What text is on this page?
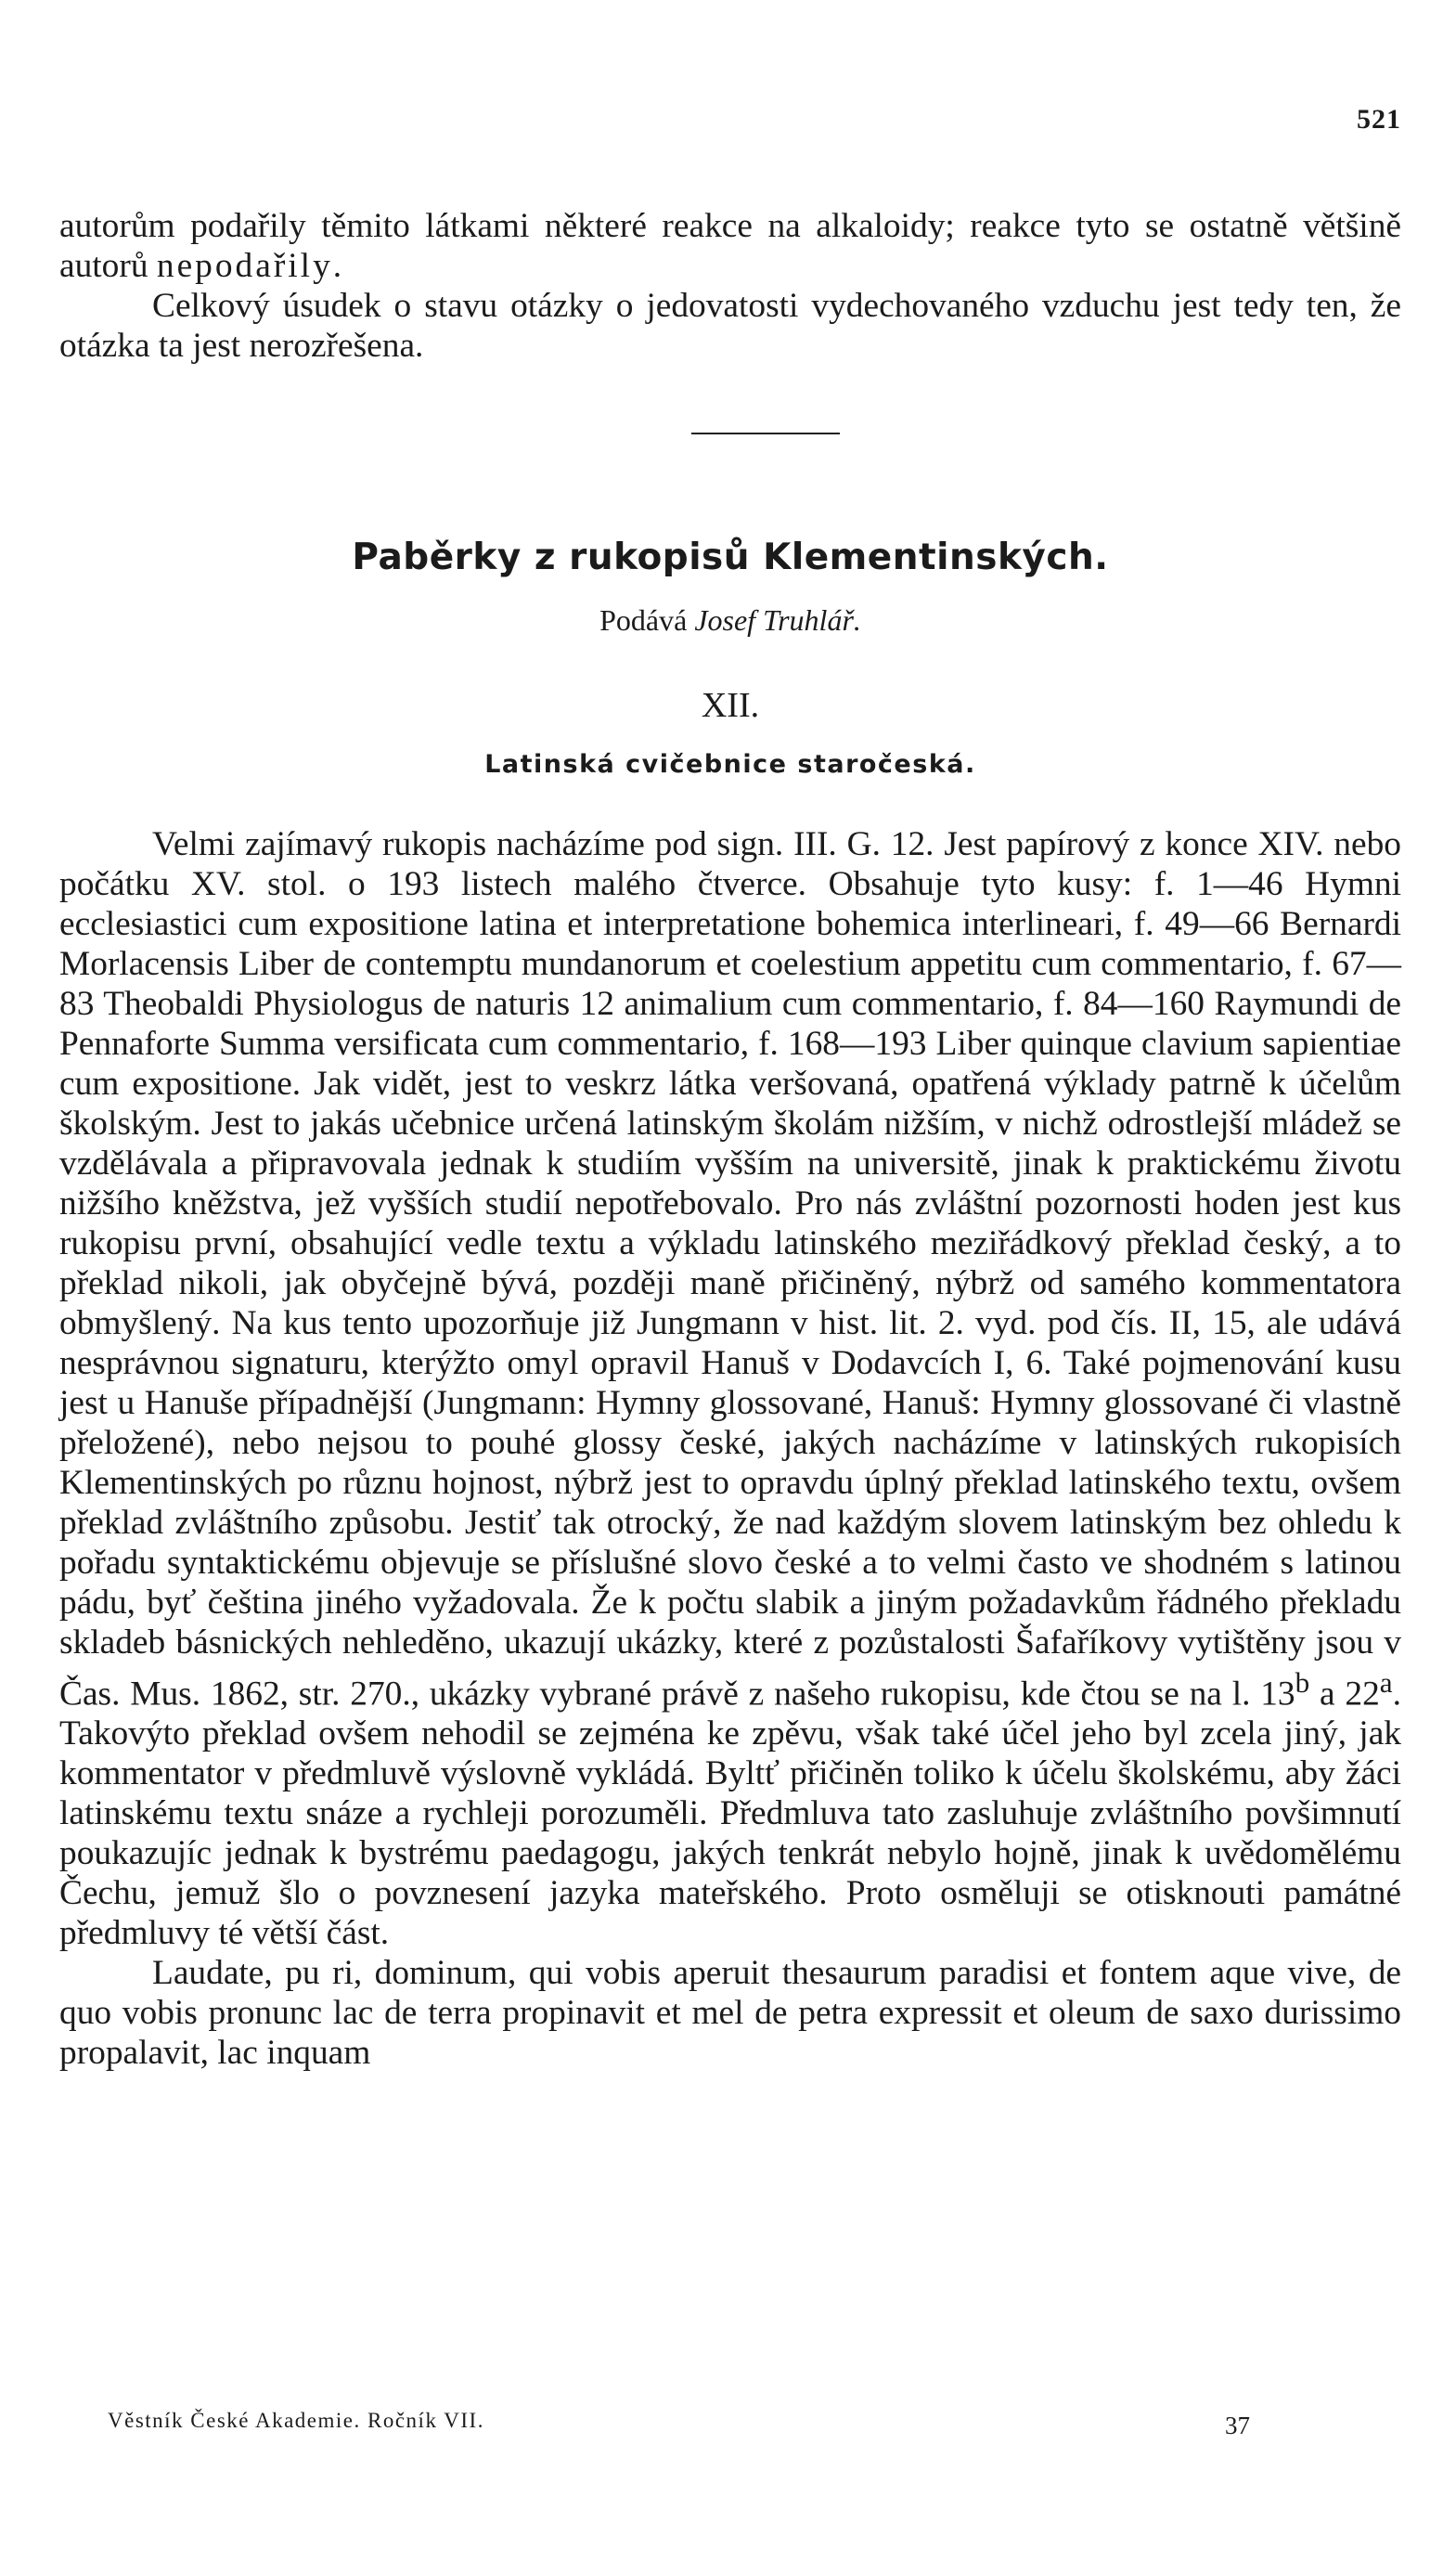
521

autorům podařily těmito látkami některé reakce na alkaloidy; reakce tyto se ostatně většině autorů nepodařily.

Celkový úsudek o stavu otázky o jedovatosti vydechovaného vzduchu jest tedy ten, že otázka ta jest nerozřešena.

Paběrky z rukopisů Klementinských.
Podává Josef Truhlář.
XII.
Latinská cvičebnice staročeská.

Velmi zajímavý rukopis nacházíme pod sign. III. G. 12. Jest papírový z konce XIV. nebo počátku XV. stol. o 193 listech malého čtverce. Obsahuje tyto kusy: f. 1—46 Hymni ecclesiastici cum expositione latina et interpretatione bohemica interlineari, f. 49—66 Bernardi Morlacensis Liber de contemptu mundanorum et coelestium appetitu cum commentario, f. 67—83 Theobaldi Physiologus de naturis 12 animalium cum commentario, f. 84—160 Raymundi de Pennaforte Summa versificata cum commentario, f. 168—193 Liber quinque clavium sapientiae cum expositione. Jak vidět, jest to veskrz látka veršovaná, opatřená výklady patrně k účelům školským. Jest to jakás učebnice určená latinským školám nižším, v nichž odrostlejší mládež se vzdělávala a připravovala jednak k studiím vyšším na universitě, jinak k praktickému životu nižšího kněžstva, jež vyšších studií nepotřebovalo. Pro nás zvláštní pozornosti hoden jest kus rukopisu první, obsahující vedle textu a výkladu latinského meziřádkový překlad český, a to překlad nikoli, jak obyčejně bývá, později maně přičiněný, nýbrž od samého kommentatora obmyšlený. Na kus tento upozorňuje již Jungmann v hist. lit. 2. vyd. pod čís. II, 15, ale udává nesprávnou signaturu, kterýžto omyl opravil Hanuš v Dodavcích I, 6. Také pojmenování kusu jest u Hanuše případnější (Jungmann: Hymny glossované, Hanuš: Hymny glossované či vlastně přeložené), nebo nejsou to pouhé glossy české, jakých nacházíme v latinských rukopisích Klementinských po různu hojnost, nýbrž jest to opravdu úplný překlad latinského textu, ovšem překlad zvláštního způsobu. Jestiť tak otrocký, že nad každým slovem latinským bez ohledu k pořadu syntaktickému objevuje se příslušné slovo české a to velmi často ve shodném s latinou pádu, byť čeština jiného vyžadovala. Že k počtu slabik a jiným požadavkům řádného překladu skladeb básnických nehleděno, ukazují ukázky, které z pozůstalosti Šafaříkovy vytištěny jsou v Čas. Mus. 1862, str. 270., ukázky vybrané právě z našeho rukopisu, kde čtou se na l. 13$^b$ a 22$^a$. Takovýto překlad ovšem nehodil se zejména ke zpěvu, však také účel jeho byl zcela jiný, jak kommentator v předmluvě výslovně vykládá. Byltť přičiněn toliko k účelu školskému, aby žáci latinskému textu snáze a rychleji porozuměli. Předmluva tato zasluhuje zvláštního povšimnutí poukazujíc jednak k bystrému paedagogu, jakých tenkrát nebylo hojně, jinak k uvědomělému Čechu, jemuž šlo o povznesení jazyka mateřského. Proto osměluji se otisknouti památné předmluvy té větší část.

Laudate, pu ri, dominum, qui vobis aperuit thesaurum paradisi et fontem aque vive, de quo vobis pronunc lac de terra propinavit et mel de petra expressit et oleum de saxo durissimo propalavit, lac inquam

Věstník České Akademie. Ročník VII.	37
